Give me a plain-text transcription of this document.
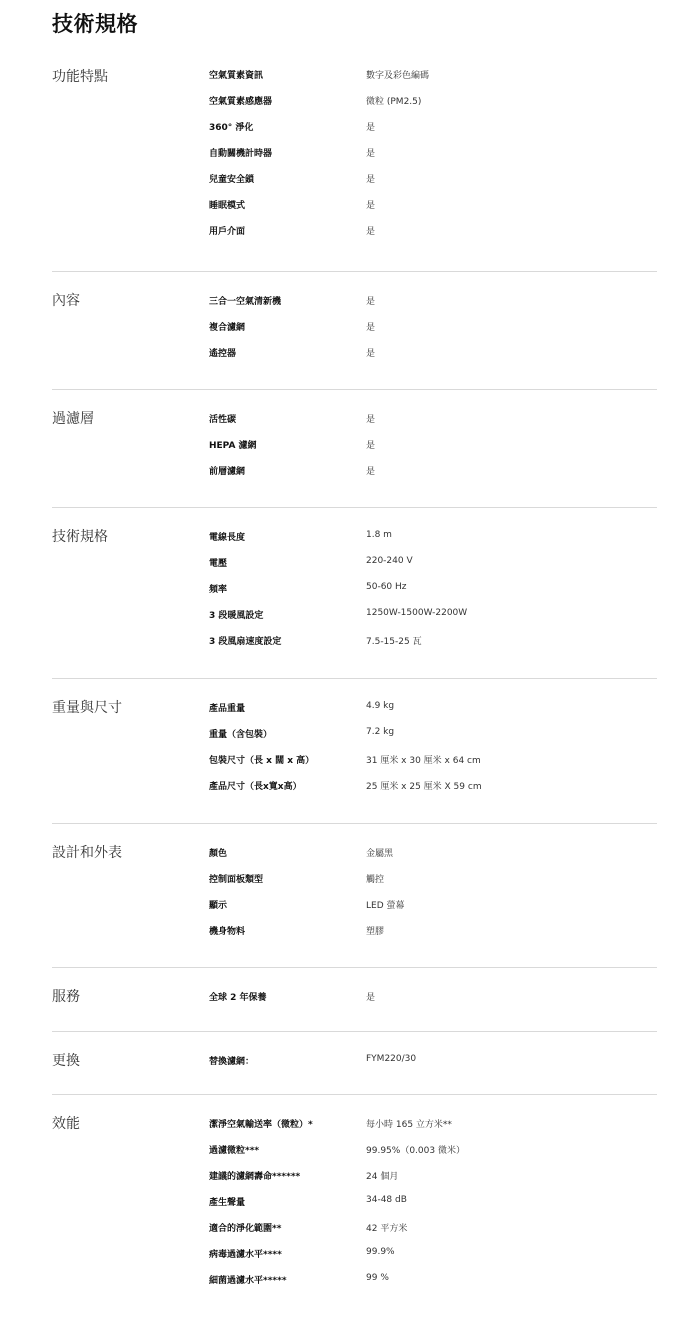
技術規格
功能特點	空氣質素資訊	數字及彩色編碼
空氣質素感應器	微粒 (PM2.5)
360° 淨化	是
自動關機計時器	是
兒童安全鎖	是
睡眠模式	是
用戶介面	是
內容	三合一空氣清新機	是
複合濾網	是
遙控器	是
過濾層	活性碳	是
HEPA 濾網	是
前層濾網	是
技術規格	電線長度	1.8 m
電壓	220-240 V
頻率	50-60 Hz
3 段暖風設定	1250W-1500W-2200W
3 段風扇速度設定	7.5-15-25 瓦
重量與尺寸	產品重量	4.9 kg
重量（含包裝）	7.2 kg
包裝尺寸（長 x 闊 x 高）	31 厘米 x 30 厘米 x 64 cm
產品尺寸（長x寬x高）	25 厘米 x 25 厘米 X 59 cm
設計和外表	顏色	金屬黑
控制面板類型	觸控
顯示	LED 螢幕
機身物料	塑膠
服務	全球 2 年保養	是
更換	替換濾網：	FYM220/30
效能	潔淨空氣輸送率（微粒）*	每小時 165 立方米**
過濾微粒***	99.95%（0.003 微米）
建議的濾網壽命******	24 個月
產生聲量	34-48 dB
適合的淨化範圍**	42 平方米
病毒過濾水平****	99.9%
細菌過濾水平*****	99 %
